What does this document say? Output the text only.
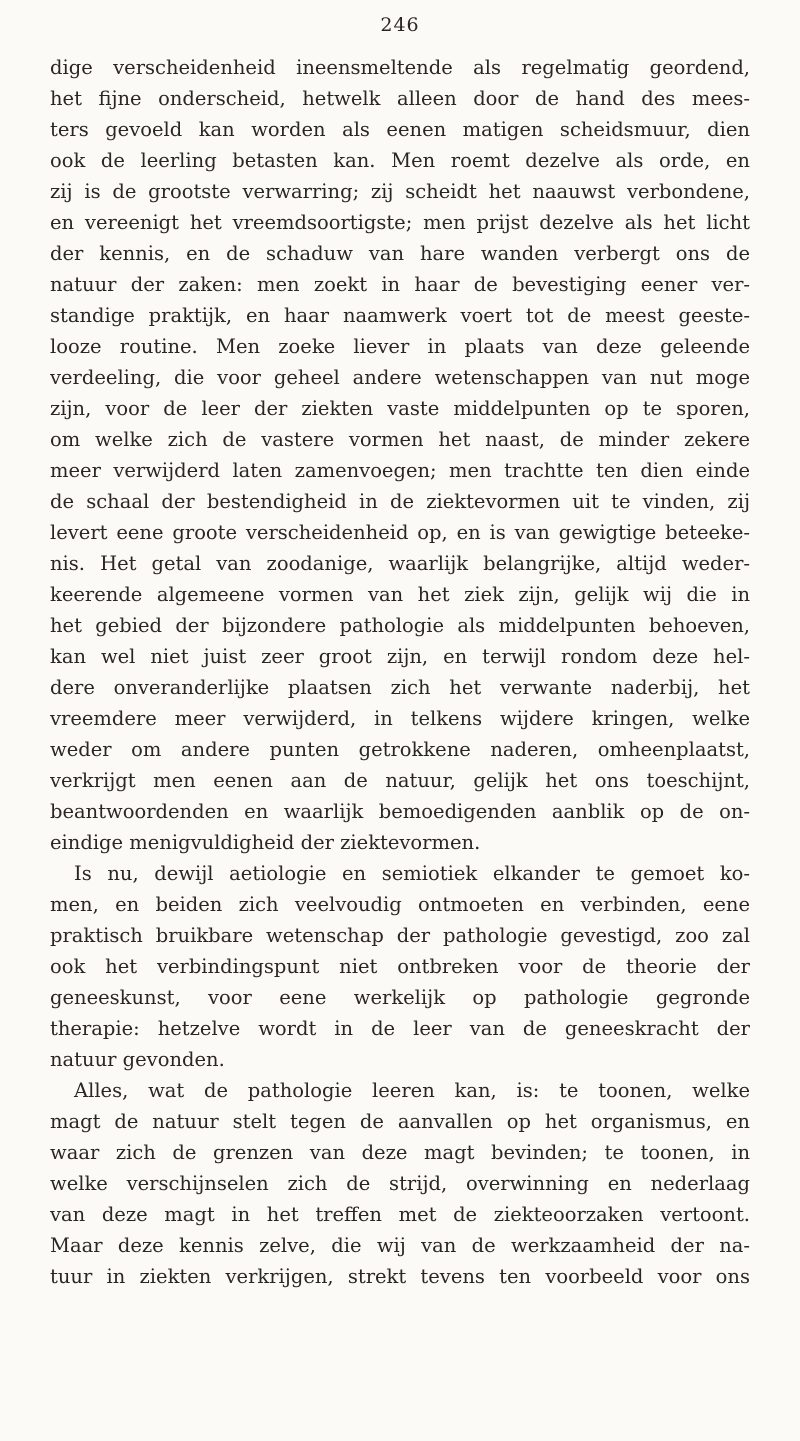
246
dige verscheidenheid ineensmeltende als regelmatig geordend,
het fijne onderscheid, hetwelk alleen door de hand des mees-
ters gevoeld kan worden als eenen matigen scheidsmuur, dien
ook de leerling betasten kan. Men roemt dezelve als orde, en
zij is de grootste verwarring; zij scheidt het naauwst verbondene,
en vereenigt het vreemdsoortigste; men prijst dezelve als het licht
der kennis, en de schaduw van hare wanden verbergt ons de
natuur der zaken: men zoekt in haar de bevestiging eener ver-
standige praktijk, en haar naamwerk voert tot de meest geeste-
looze routine. Men zoeke liever in plaats van deze geleende
verdeeling, die voor geheel andere wetenschappen van nut moge
zijn, voor de leer der ziekten vaste middelpunten op te sporen,
om welke zich de vastere vormen het naast, de minder zekere
meer verwijderd laten zamenvoegen; men trachtte ten dien einde
de schaal der bestendigheid in de ziektevormen uit te vinden, zij
levert eene groote verscheidenheid op, en is van gewigtige beteeke-
nis. Het getal van zoodanige, waarlijk belangrijke, altijd weder-
keerende algemeene vormen van het ziek zijn, gelijk wij die in
het gebied der bijzondere pathologie als middelpunten behoeven,
kan wel niet juist zeer groot zijn, en terwijl rondom deze hel-
dere onveranderlijke plaatsen zich het verwante naderbij, het
vreemdere meer verwijderd, in telkens wijdere kringen, welke
weder om andere punten getrokkene naderen, omheenplaatst,
verkrijgt men eenen aan de natuur, gelijk het ons toeschijnt,
beantwoordenden en waarlijk bemoedigenden aanblik op de on-
eindige menigvuldigheid der ziektevormen.
Is nu, dewijl aetiologie en semiotiek elkander te gemoet ko-
men, en beiden zich veelvoudig ontmoeten en verbinden, eene
praktisch bruikbare wetenschap der pathologie gevestigd, zoo zal
ook het verbindingspunt niet ontbreken voor de theorie der
geneeskunst, voor eene werkelijk op pathologie gegronde
therapie: hetzelve wordt in de leer van de geneeskracht der
natuur gevonden.
Alles, wat de pathologie leeren kan, is: te toonen, welke
magt de natuur stelt tegen de aanvallen op het organismus, en
waar zich de grenzen van deze magt bevinden; te toonen, in
welke verschijnselen zich de strijd, overwinning en nederlaag
van deze magt in het treffen met de ziekteoorzaken vertoont.
Maar deze kennis zelve, die wij van de werkzaamheid der na-
tuur in ziekten verkrijgen, strekt tevens ten voorbeeld voor ons
